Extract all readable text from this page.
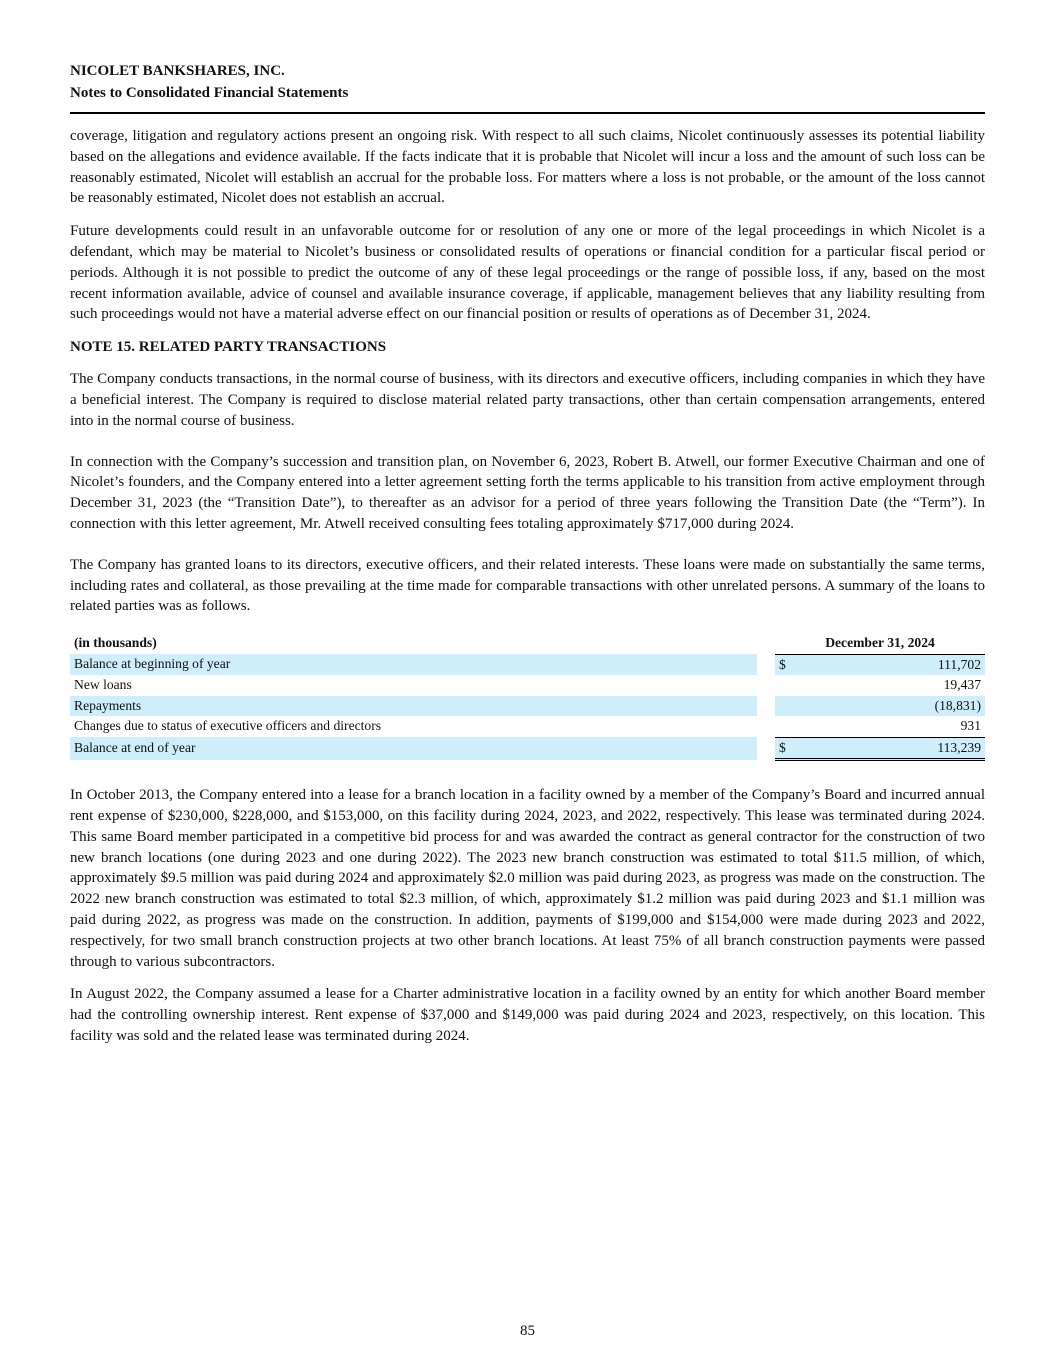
NICOLET BANKSHARES, INC.
Notes to Consolidated Financial Statements

coverage, litigation and regulatory actions present an ongoing risk. With respect to all such claims, Nicolet continuously assesses its potential liability based on the allegations and evidence available. If the facts indicate that it is probable that Nicolet will incur a loss and the amount of such loss can be reasonably estimated, Nicolet will establish an accrual for the probable loss. For matters where a loss is not probable, or the amount of the loss cannot be reasonably estimated, Nicolet does not establish an accrual.

Future developments could result in an unfavorable outcome for or resolution of any one or more of the legal proceedings in which Nicolet is a defendant, which may be material to Nicolet’s business or consolidated results of operations or financial condition for a particular fiscal period or periods. Although it is not possible to predict the outcome of any of these legal proceedings or the range of possible loss, if any, based on the most recent information available, advice of counsel and available insurance coverage, if applicable, management believes that any liability resulting from such proceedings would not have a material adverse effect on our financial position or results of operations as of December 31, 2024.

NOTE 15. RELATED PARTY TRANSACTIONS

The Company conducts transactions, in the normal course of business, with its directors and executive officers, including companies in which they have a beneficial interest. The Company is required to disclose material related party transactions, other than certain compensation arrangements, entered into in the normal course of business.

In connection with the Company’s succession and transition plan, on November 6, 2023, Robert B. Atwell, our former Executive Chairman and one of Nicolet’s founders, and the Company entered into a letter agreement setting forth the terms applicable to his transition from active employment through December 31, 2023 (the “Transition Date”), to thereafter as an advisor for a period of three years following the Transition Date (the “Term”). In connection with this letter agreement, Mr. Atwell received consulting fees totaling approximately $717,000 during 2024.

The Company has granted loans to its directors, executive officers, and their related interests. These loans were made on substantially the same terms, including rates and collateral, as those prevailing at the time made for comparable transactions with other unrelated persons. A summary of the loans to related parties was as follows.

(in thousands)		December 31, 2024	
Balance at beginning of year		$	111,702
New loans			19,437
Repayments			(18,831)
Changes due to status of executive officers and directors			931
Balance at end of year		$	113,239

In October 2013, the Company entered into a lease for a branch location in a facility owned by a member of the Company’s Board and incurred annual rent expense of $230,000, $228,000, and $153,000, on this facility during 2024, 2023, and 2022, respectively. This lease was terminated during 2024. This same Board member participated in a competitive bid process for and was awarded the contract as general contractor for the construction of two new branch locations (one during 2023 and one during 2022). The 2023 new branch construction was estimated to total $11.5 million, of which, approximately $9.5 million was paid during 2024 and approximately $2.0 million was paid during 2023, as progress was made on the construction. The 2022 new branch construction was estimated to total $2.3 million, of which, approximately $1.2 million was paid during 2023 and $1.1 million was paid during 2022, as progress was made on the construction. In addition, payments of $199,000 and $154,000 were made during 2023 and 2022, respectively, for two small branch construction projects at two other branch locations. At least 75% of all branch construction payments were passed through to various subcontractors.

In August 2022, the Company assumed a lease for a Charter administrative location in a facility owned by an entity for which another Board member had the controlling ownership interest. Rent expense of $37,000 and $149,000 was paid during 2024 and 2023, respectively, on this location. This facility was sold and the related lease was terminated during 2024.

85
